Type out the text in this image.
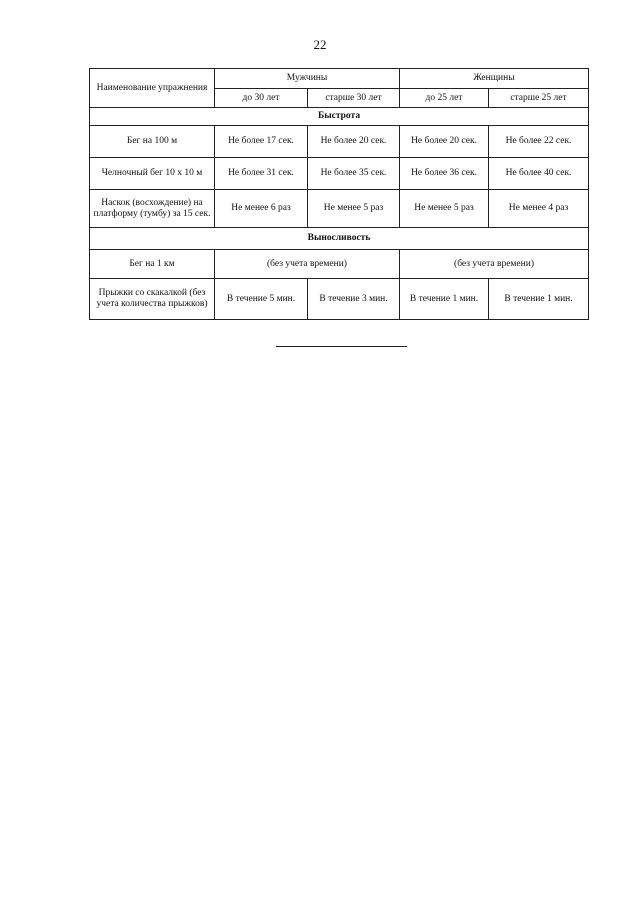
22
Наименование упражнения	Мужчины		Женщины	
	до 30 лет	старше 30 лет	до 25 лет	старше 25 лет
Быстрота				
Бег на 100 м	Не более 17 сек.	Не более 20 сек.	Не более 20 сек.	Не более 22 сек.
Челночный бег 10 x 10 м	Не более 31 сек.	Не более 35 сек.	Не более 36 сек.	Не более 40 сек.
Наскок (восхождение) на платформу (тумбу) за 15 сек.	Не менее 6 раз	Не менее 5 раз	Не менее 5 раз	Не менее 4 раз
Выносливость				
Бег на 1 км	(без учета времени)		(без учета времени)	
Прыжки со скакалкой (без учета количества прыжков)	В течение 5 мин.	В течение 3 мин.	В течение 1 мин.	В течение 1 мин.
